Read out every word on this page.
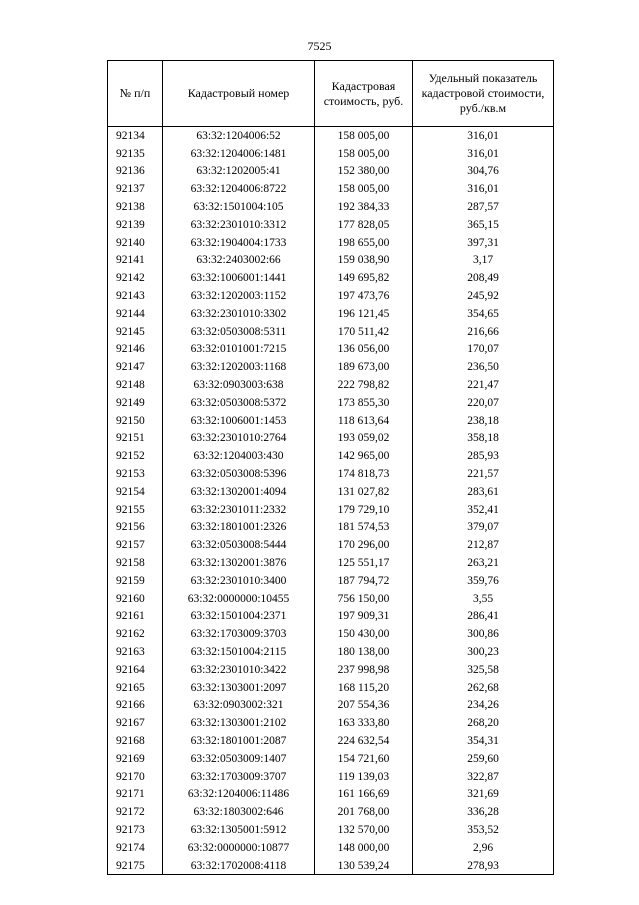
7525
№ п/п	Кадастровый номер	Кадастровая стоимость, руб.	Удельный показатель кадастровой стоимости, руб./кв.м
92134	63:32:1204006:52	158 005,00	316,01
92135	63:32:1204006:1481	158 005,00	316,01
92136	63:32:1202005:41	152 380,00	304,76
92137	63:32:1204006:8722	158 005,00	316,01
92138	63:32:1501004:105	192 384,33	287,57
92139	63:32:2301010:3312	177 828,05	365,15
92140	63:32:1904004:1733	198 655,00	397,31
92141	63:32:2403002:66	159 038,90	3,17
92142	63:32:1006001:1441	149 695,82	208,49
92143	63:32:1202003:1152	197 473,76	245,92
92144	63:32:2301010:3302	196 121,45	354,65
92145	63:32:0503008:5311	170 511,42	216,66
92146	63:32:0101001:7215	136 056,00	170,07
92147	63:32:1202003:1168	189 673,00	236,50
92148	63:32:0903003:638	222 798,82	221,47
92149	63:32:0503008:5372	173 855,30	220,07
92150	63:32:1006001:1453	118 613,64	238,18
92151	63:32:2301010:2764	193 059,02	358,18
92152	63:32:1204003:430	142 965,00	285,93
92153	63:32:0503008:5396	174 818,73	221,57
92154	63:32:1302001:4094	131 027,82	283,61
92155	63:32:2301011:2332	179 729,10	352,41
92156	63:32:1801001:2326	181 574,53	379,07
92157	63:32:0503008:5444	170 296,00	212,87
92158	63:32:1302001:3876	125 551,17	263,21
92159	63:32:2301010:3400	187 794,72	359,76
92160	63:32:0000000:10455	756 150,00	3,55
92161	63:32:1501004:2371	197 909,31	286,41
92162	63:32:1703009:3703	150 430,00	300,86
92163	63:32:1501004:2115	180 138,00	300,23
92164	63:32:2301010:3422	237 998,98	325,58
92165	63:32:1303001:2097	168 115,20	262,68
92166	63:32:0903002:321	207 554,36	234,26
92167	63:32:1303001:2102	163 333,80	268,20
92168	63:32:1801001:2087	224 632,54	354,31
92169	63:32:0503009:1407	154 721,60	259,60
92170	63:32:1703009:3707	119 139,03	322,87
92171	63:32:1204006:11486	161 166,69	321,69
92172	63:32:1803002:646	201 768,00	336,28
92173	63:32:1305001:5912	132 570,00	353,52
92174	63:32:0000000:10877	148 000,00	2,96
92175	63:32:1702008:4118	130 539,24	278,93
